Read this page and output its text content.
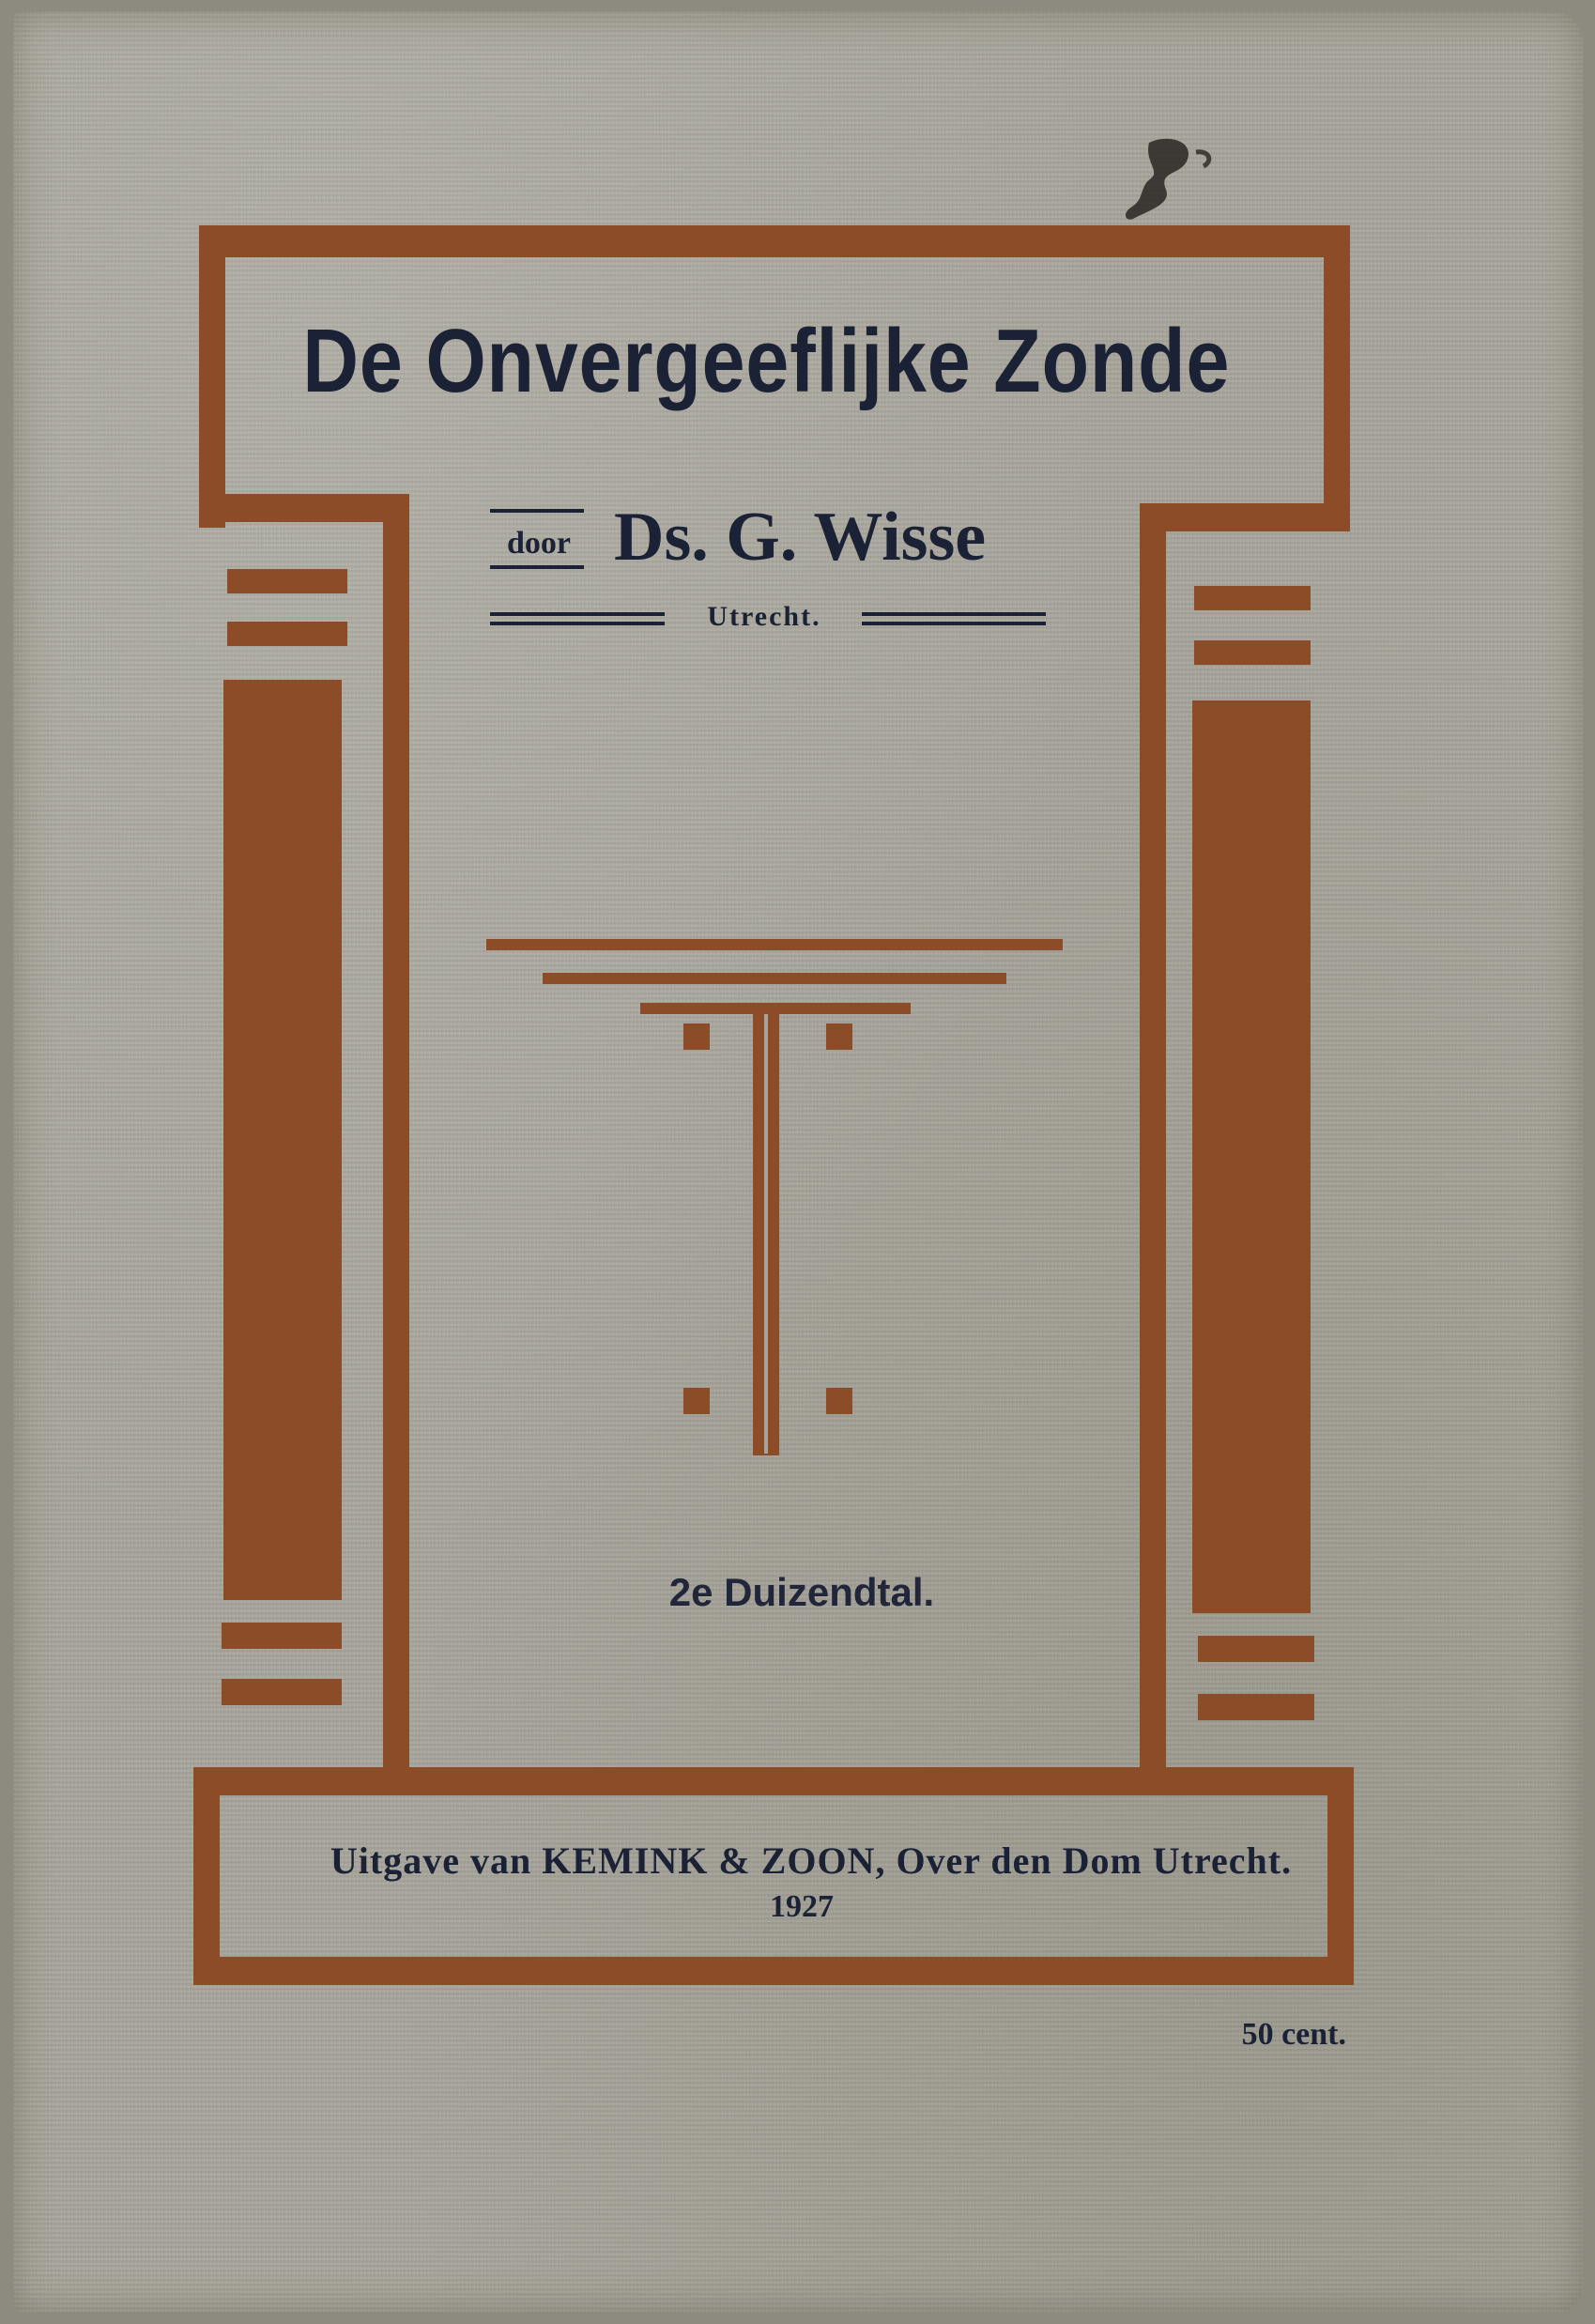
De Onvergeeflijke Zonde
door Ds. G. Wisse
Utrecht.
2e Duizendtal.
Uitgave van KEMINK & ZOON, Over den Dom Utrecht.
1927
50 cent.
